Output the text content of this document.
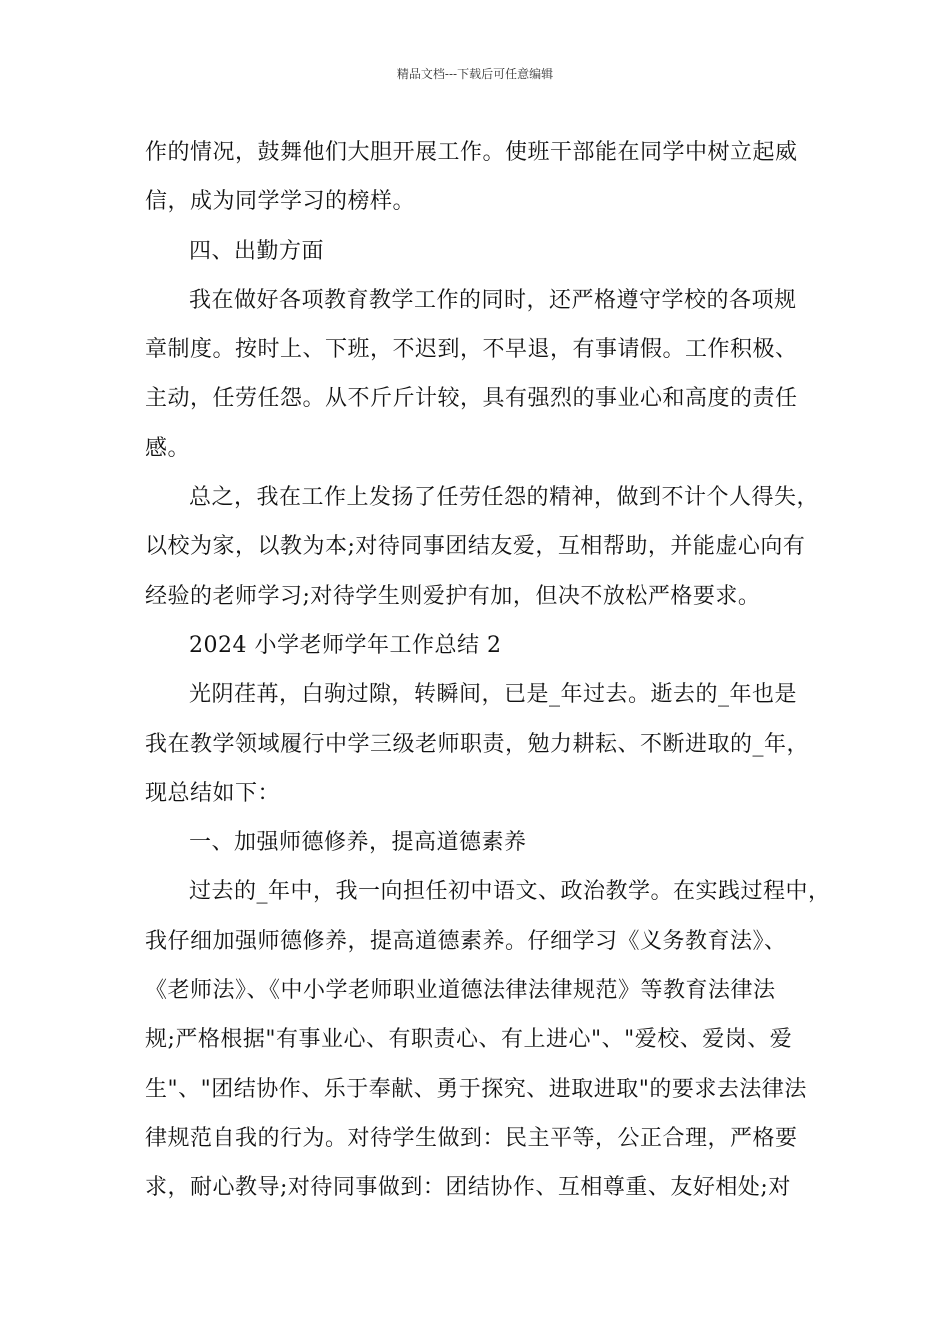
精品文档---下载后可任意编辑
作的情况，鼓舞他们大胆开展工作。使班干部能在同学中树立起威
信，成为同学学习的榜样。
四、出勤方面
我在做好各项教育教学工作的同时，还严格遵守学校的各项规
章制度。按时上、下班，不迟到，不早退，有事请假。工作积极、
主动，任劳任怨。从不斤斤计较，具有强烈的事业心和高度的责任
感。
总之，我在工作上发扬了任劳任怨的精神，做到不计个人得失，
以校为家，以教为本;对待同事团结友爱，互相帮助，并能虚心向有
经验的老师学习;对待学生则爱护有加，但决不放松严格要求。
2024 小学老师学年工作总结 2
光阴荏苒，白驹过隙，转瞬间，已是_年过去。逝去的_年也是
我在教学领域履行中学三级老师职责，勉力耕耘、不断进取的_年，
现总结如下：
一、加强师德修养，提高道德素养
过去的_年中，我一向担任初中语文、政治教学。在实践过程中，
我仔细加强师德修养，提高道德素养。仔细学习《义务教育法》、
《老师法》、《中小学老师职业道德法律法律规范》等教育法律法
规;严格根据"有事业心、有职责心、有上进心"、"爱校、爱岗、爱
生"、"团结协作、乐于奉献、勇于探究、进取进取"的要求去法律法
律规范自我的行为。对待学生做到：民主平等，公正合理，严格要
求，耐心教导;对待同事做到：团结协作、互相尊重、友好相处;对
